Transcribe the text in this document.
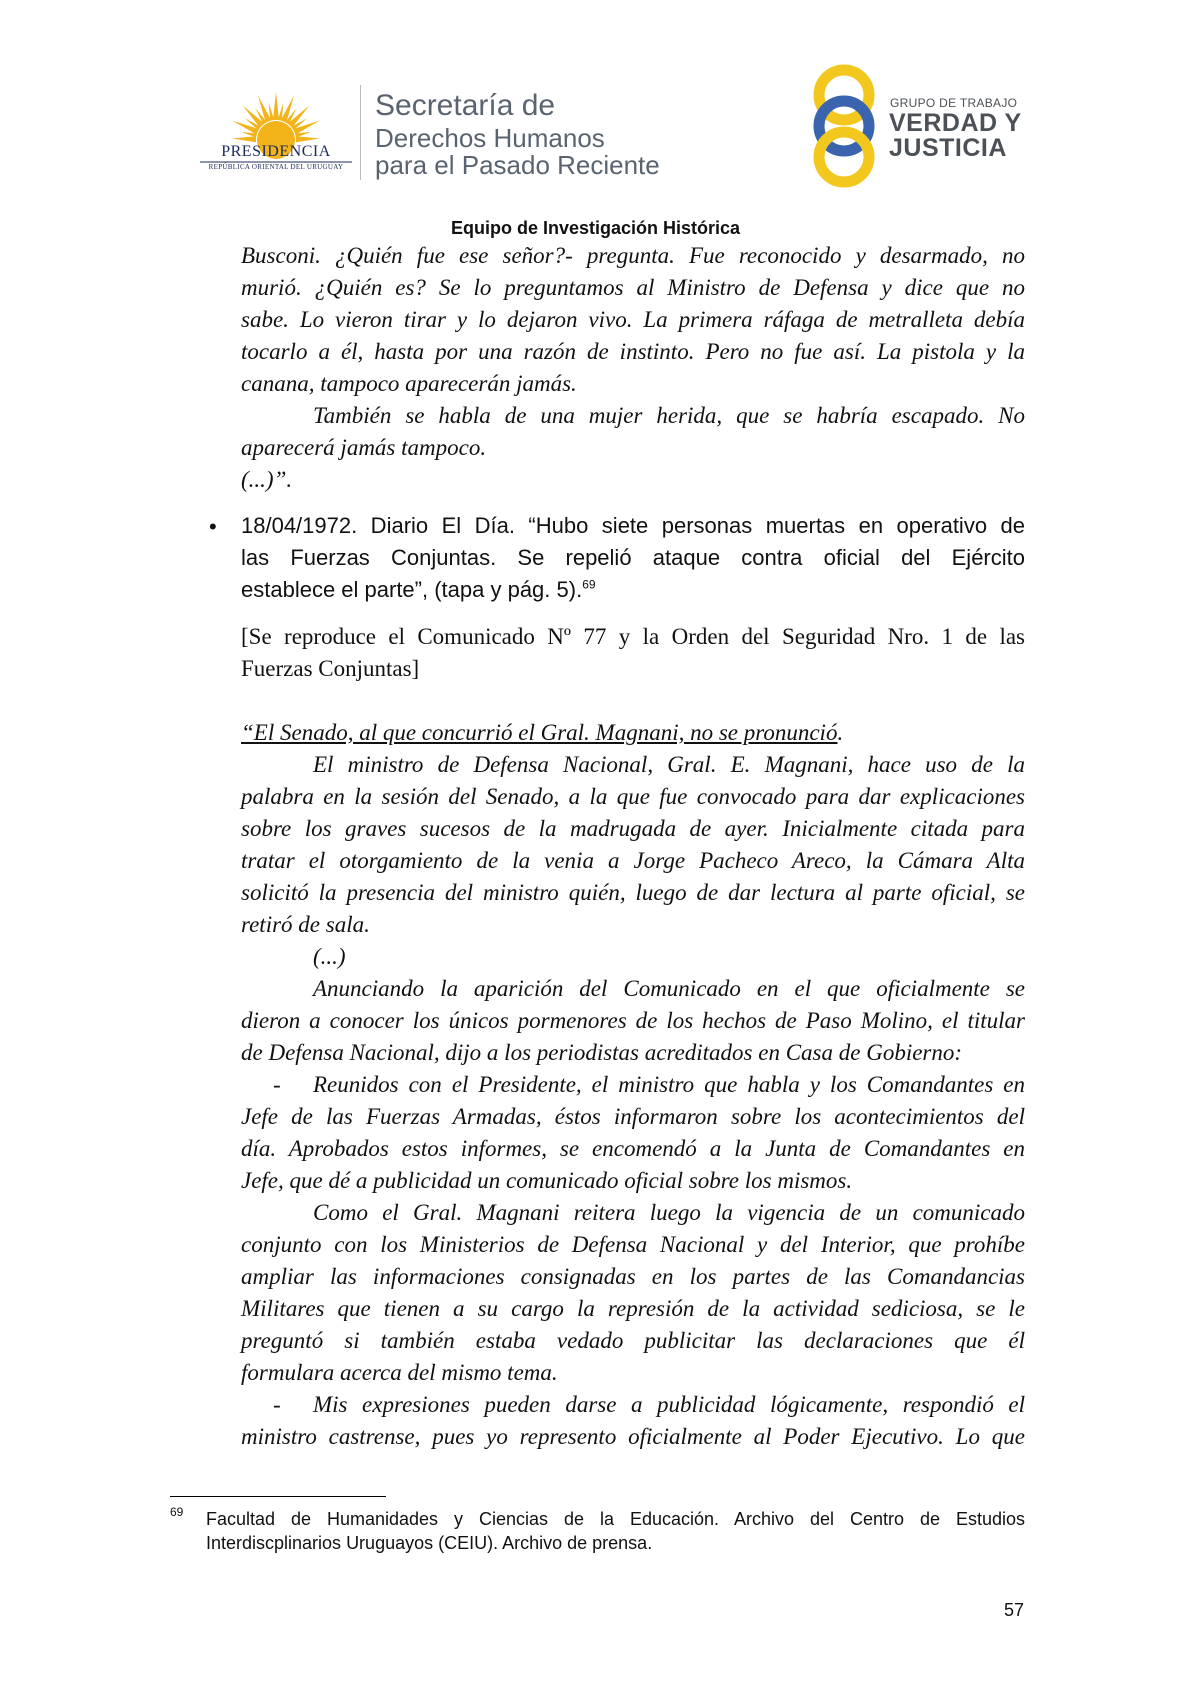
PRESIDENCIA
REPÚBLICA ORIENTAL DEL URUGUAY
Secretaría de
Derechos Humanos
para el Pasado Reciente
GRUPO DE TRABAJO
VERDAD Y
JUSTICIA
Equipo de Investigación Histórica
Busconi. ¿Quién fue ese señor?- pregunta. Fue reconocido y desarmado, no
murió. ¿Quién es? Se lo preguntamos al Ministro de Defensa y dice que no
sabe. Lo vieron tirar y lo dejaron vivo. La primera ráfaga de metralleta debía
tocarlo a él, hasta por una razón de instinto. Pero no fue así. La pistola y la
canana, tampoco aparecerán jamás.
También se habla de una mujer herida, que se habría escapado. No
aparecerá jamás tampoco.
(...)”.
• 18/04/1972. Diario El Día. “Hubo siete personas muertas en operativo de
las Fuerzas Conjuntas. Se repelió ataque contra oficial del Ejército
establece el parte”, (tapa y pág. 5).$^{69}$
[Se reproduce el Comunicado Nº 77 y la Orden del Seguridad Nro. 1 de las
Fuerzas Conjuntas]
“El Senado, al que concurrió el Gral. Magnani, no se pronunció.
El ministro de Defensa Nacional, Gral. E. Magnani, hace uso de la
palabra en la sesión del Senado, a la que fue convocado para dar explicaciones
sobre los graves sucesos de la madrugada de ayer. Inicialmente citada para
tratar el otorgamiento de la venia a Jorge Pacheco Areco, la Cámara Alta
solicitó la presencia del ministro quién, luego de dar lectura al parte oficial, se
retiró de sala.
(...)
Anunciando la aparición del Comunicado en el que oficialmente se
dieron a conocer los únicos pormenores de los hechos de Paso Molino, el titular
de Defensa Nacional, dijo a los periodistas acreditados en Casa de Gobierno:
-	Reunidos con el Presidente, el ministro que habla y los Comandantes en
Jefe de las Fuerzas Armadas, éstos informaron sobre los acontecimientos del
día. Aprobados estos informes, se encomendó a la Junta de Comandantes en
Jefe, que dé a publicidad un comunicado oficial sobre los mismos.
Como el Gral. Magnani reitera luego la vigencia de un comunicado
conjunto con los Ministerios de Defensa Nacional y del Interior, que prohíbe
ampliar las informaciones consignadas en los partes de las Comandancias
Militares que tienen a su cargo la represión de la actividad sediciosa, se le
preguntó si también estaba vedado publicitar las declaraciones que él
formulara acerca del mismo tema.
-	Mis expresiones pueden darse a publicidad lógicamente, respondió el
ministro castrense, pues yo represento oficialmente al Poder Ejecutivo. Lo que
69 Facultad de Humanidades y Ciencias de la Educación. Archivo del Centro de Estudios
Interdiscplinarios Uruguayos (CEIU). Archivo de prensa.
57
